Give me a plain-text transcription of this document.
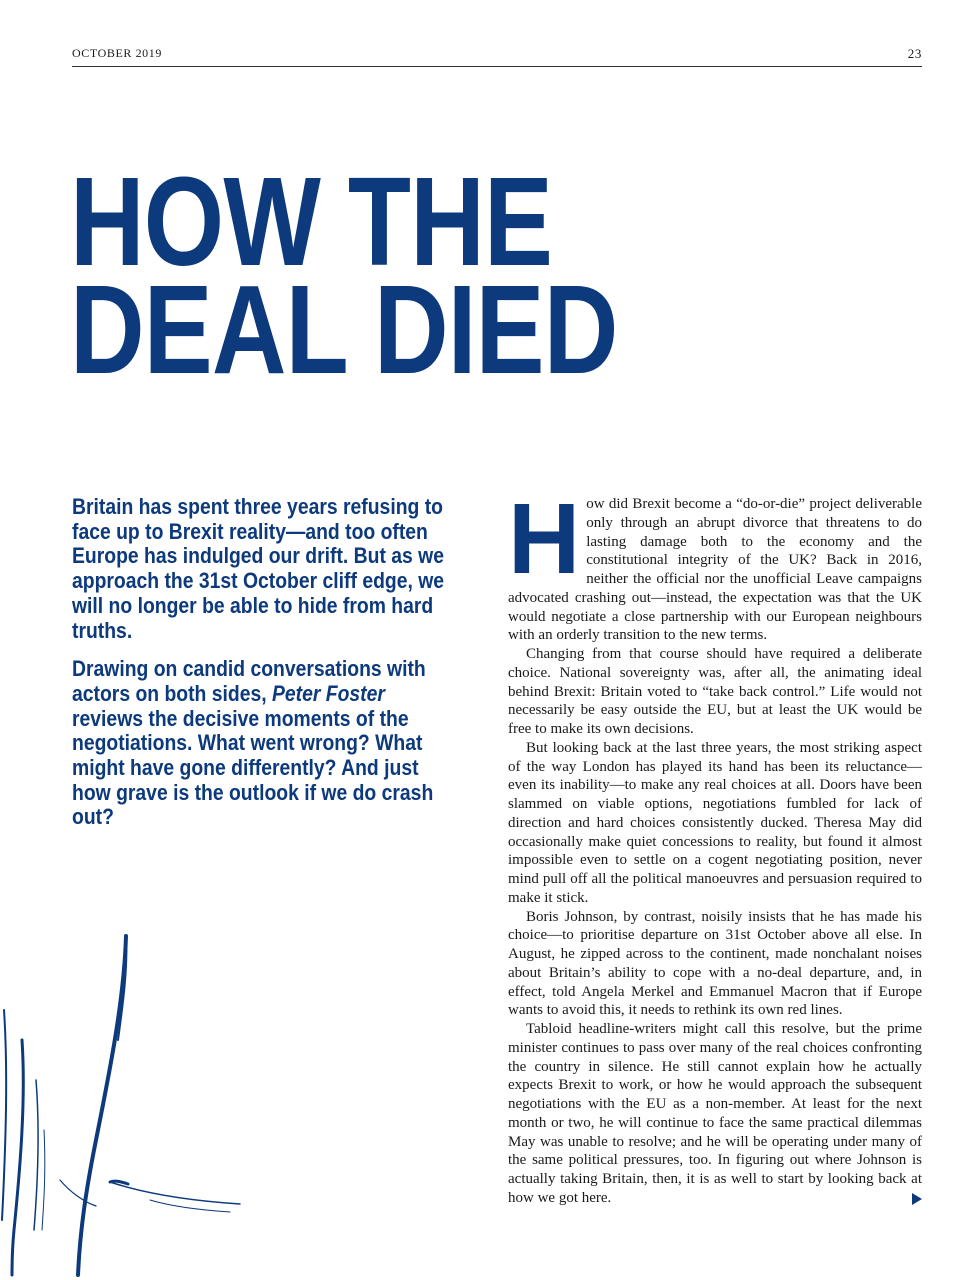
OCTOBER 2019	23
HOW THE
DEAL DIED

Britain has spent three years refusing to face up to Brexit reality—and too often Europe has indulged our drift. But as we approach the 31st October cliff edge, we will no longer be able to hide from hard truths.

Drawing on candid conversations with actors on both sides, Peter Foster reviews the decisive moments of the negotiations. What went wrong? What might have gone differently? And just how grave is the outlook if we do crash out?

How did Brexit become a “do-or-die” project deliverable only through an abrupt divorce that threatens to do lasting damage both to the economy and the constitutional integrity of the UK? Back in 2016, neither the official nor the unofficial Leave campaigns advocated crashing out—instead, the expectation was that the UK would negotiate a close partnership with our European neighbours with an orderly transition to the new terms.

Changing from that course should have required a deliberate choice. National sovereignty was, after all, the animating ideal behind Brexit: Britain voted to “take back control.” Life would not necessarily be easy outside the EU, but at least the UK would be free to make its own decisions.

But looking back at the last three years, the most striking aspect of the way London has played its hand has been its reluctance—even its inability—to make any real choices at all. Doors have been slammed on viable options, negotiations fumbled for lack of direction and hard choices consistently ducked. Theresa May did occasionally make quiet concessions to reality, but found it almost impossible even to settle on a cogent negotiating position, never mind pull off all the political manoeuvres and persuasion required to make it stick.

Boris Johnson, by contrast, noisily insists that he has made his choice—to prioritise departure on 31st October above all else. In August, he zipped across to the continent, made nonchalant noises about Britain’s ability to cope with a no-deal departure, and, in effect, told Angela Merkel and Emmanuel Macron that if Europe wants to avoid this, it needs to rethink its own red lines.

Tabloid headline-writers might call this resolve, but the prime minister continues to pass over many of the real choices confronting the country in silence. He still cannot explain how he actually expects Brexit to work, or how he would approach the subsequent negotiations with the EU as a non-member. At least for the next month or two, he will continue to face the same practical dilemmas May was unable to resolve; and he will be operating under many of the same political pressures, too. In figuring out where Johnson is actually taking Britain, then, it is as well to start by looking back at how we got here.
